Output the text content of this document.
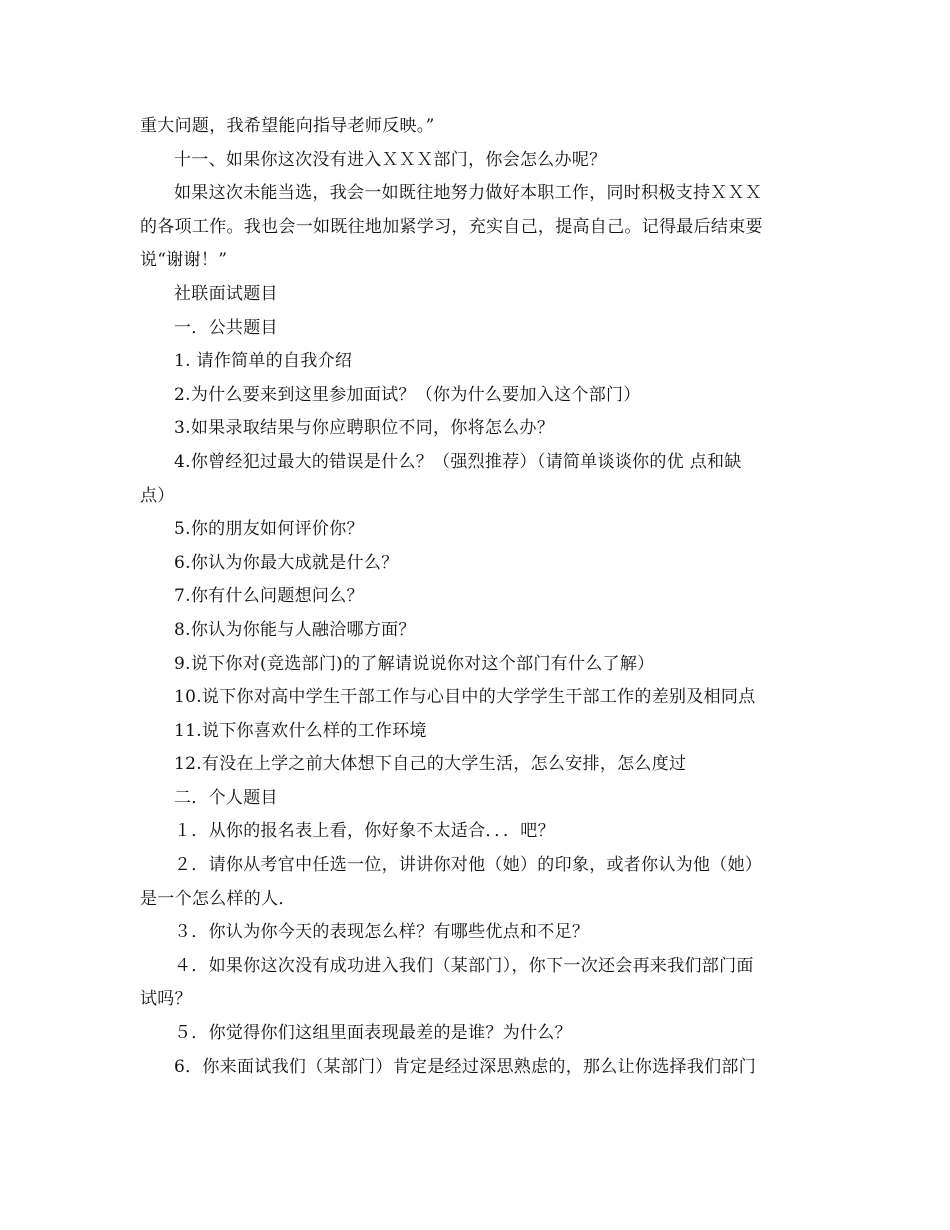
重大问题，我希望能向指导老师反映。”
十一、如果你这次没有进入ＸＸＸ部门，你会怎么办呢？
如果这次未能当选，我会一如既往地努力做好本职工作，同时积极支持ＸＸＸ
的各项工作。我也会一如既往地加紧学习，充实自己，提高自己。记得最后结束要
说“谢谢！”
社联面试题目
一．公共题目
1. 请作简单的自我介绍
2.为什么要来到这里参加面试？（你为什么要加入这个部门）
3.如果录取结果与你应聘职位不同，你将怎么办？
4.你曾经犯过最大的错误是什么？（强烈推荐）（请简单谈谈你的优 点和缺
点）
5.你的朋友如何评价你？
6.你认为你最大成就是什么？
7.你有什么问题想问么？
8.你认为你能与人融洽哪方面？
9.说下你对(竞选部门)的了解请说说你对这个部门有什么了解）
10.说下你对高中学生干部工作与心目中的大学学生干部工作的差别及相同点
11.说下你喜欢什么样的工作环境
12.有没在上学之前大体想下自己的大学生活，怎么安排，怎么度过
二．个人题目
１．从你的报名表上看，你好象不太适合．．．吧？
２．请你从考官中任选一位，讲讲你对他（她）的印象，或者你认为他（她）
是一个怎么样的人．
３．你认为你今天的表现怎么样？有哪些优点和不足？
４．如果你这次没有成功进入我们（某部门），你下一次还会再来我们部门面
试吗？
５．你觉得你们这组里面表现最差的是谁？为什么？
6．你来面试我们（某部门）肯定是经过深思熟虑的，那么让你选择我们部门
